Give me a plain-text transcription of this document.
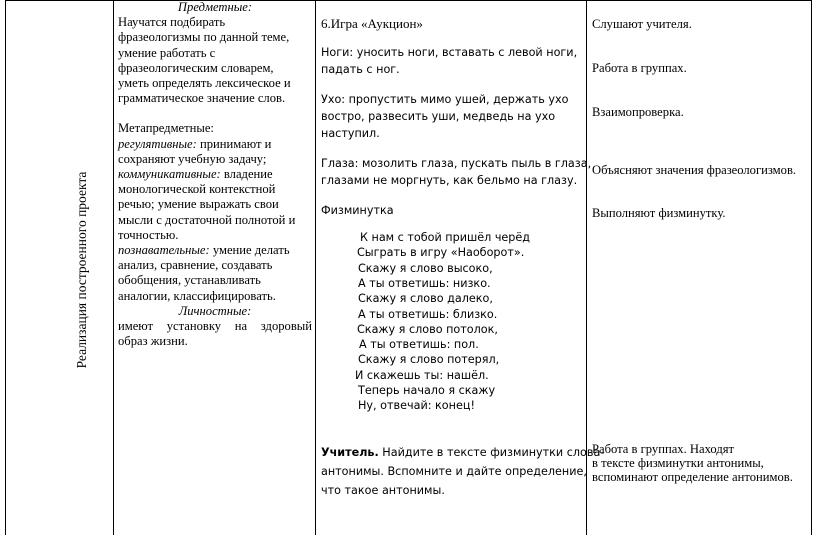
Реализация построенного проекта
Предметные:
Научатся подбирать
фразеологизмы по данной теме,
умение работать с
фразеологическим словарем,
уметь определять лексическое и
грамматическое значение слов.
Метапредметные:
регулятивные: принимают и
сохраняют учебную задачу;
коммуникативные: владение
монологической контекстной
речью; умение выражать свои
мысли с достаточной полнотой и
точностью.
познавательные: умение делать
анализ, сравнение, создавать
обобщения, устанавливать
аналогии, классифицировать.
Личностные:
имеют установку на здоровый
образ жизни.
6.Игра «Аукцион»
Ноги: уносить ноги, вставать с левой ноги,
падать с ног.
Ухо: пропустить мимо ушей, держать ухо
востро, развесить уши, медведь на ухо
наступил.
Глаза: мозолить глаза, пускать пыль в глаза,
глазами не моргнуть, как бельмо на глазу.
Физминутка
К нам с тобой пришёл черёд
Сыграть в игру «Наоборот».
Скажу я слово высоко,
А ты ответишь: низко.
Скажу я слово далеко,
А ты ответишь: близко.
Скажу я слово потолок,
А ты ответишь: пол.
Скажу я слово потерял,
И скажешь ты: нашёл.
Теперь начало я скажу
Ну, отвечай: конец!
Учитель. Найдите в тексте физминутки слова-
антонимы. Вспомните и дайте определение,
что такое антонимы.
Слушают учителя.
Работа в группах.
Взаимопроверка.
Объясняют значения фразеологизмов.
Выполняют физминутку.
Работа в группах. Находят
в тексте физминутки антонимы,
вспоминают определение антонимов.
